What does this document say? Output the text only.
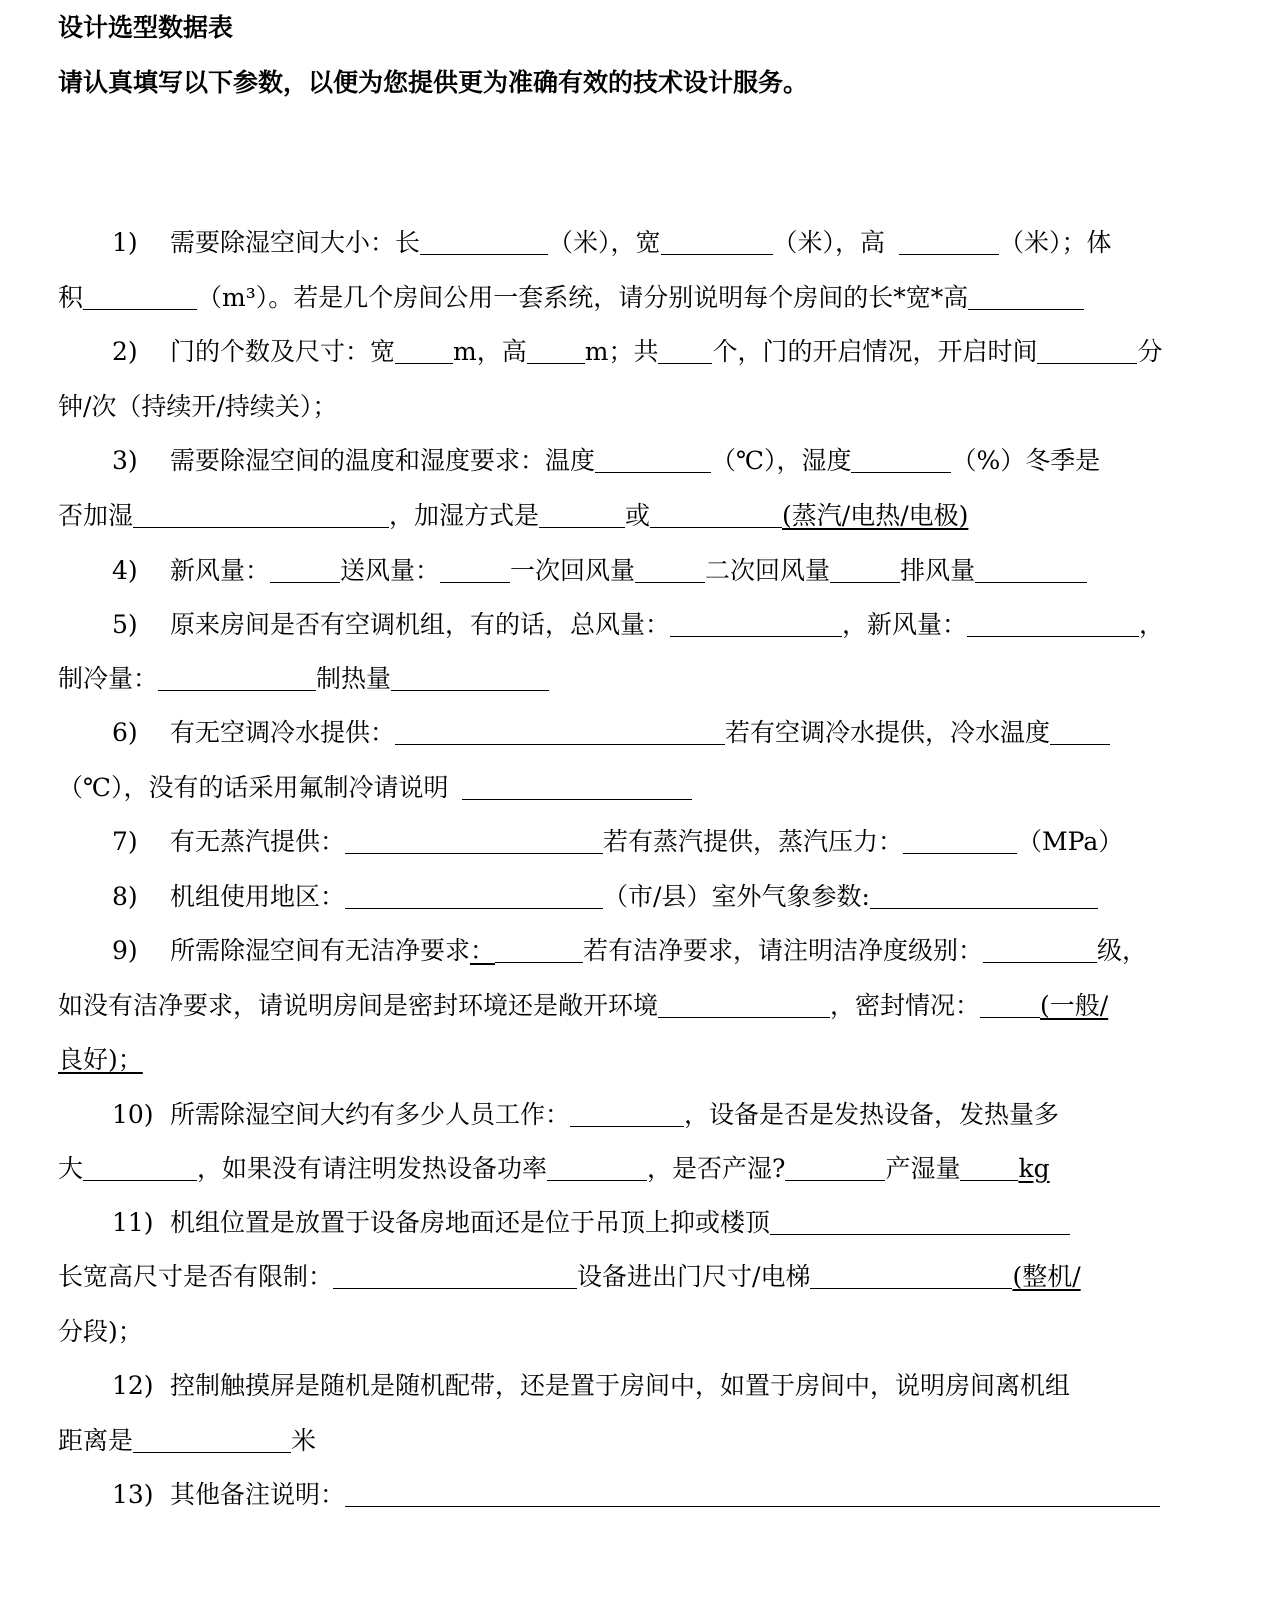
设计选型数据表
请认真填写以下参数，以便为您提供更为准确有效的技术设计服务。
1) 需要除湿空间大小：长	（米），宽	（米），高	（米）；体
积	（m³）。若是几个房间公用一套系统，请分别说明每个房间的长*宽*高
2) 门的个数及尺寸：宽 m，高 m；共 个，门的开启情况，开启时间	分
钟/次（持续开/持续关）；
3) 需要除湿空间的温度和湿度要求：温度	（℃），湿度	（%）冬季是
否加湿	，加湿方式是	或	(蒸汽/电热/电极)
4) 新风量：	送风量：	一次回风量	二次回风量	排风量
5) 原来房间是否有空调机组，有的话，总风量：	，新风量：	，
制冷量：	制热量
6) 有无空调冷水提供：	若有空调冷水提供，冷水温度
（℃），没有的话采用氟制冷请说明
7) 有无蒸汽提供：	若有蒸汽提供，蒸汽压力：	（MPa）
8) 机组使用地区：	（市/县）室外气象参数:
9) 所需除湿空间有无洁净要求：	若有洁净要求，请注明洁净度级别：	级，
如没有洁净要求，请说明房间是密封环境还是敞开环境	，密封情况： (一般/
良好)；
10) 所需除湿空间大约有多少人员工作：	，设备是否是发热设备，发热量多
大	，如果没有请注明发热设备功率	，是否产湿?	产湿量 kg
11) 机组位置是放置于设备房地面还是位于吊顶上抑或楼顶
长宽高尺寸是否有限制：	设备进出门尺寸/电梯	(整机/
分段)；
12) 控制触摸屏是随机是随机配带，还是置于房间中，如置于房间中，说明房间离机组
距离是	米
13) 其他备注说明：
